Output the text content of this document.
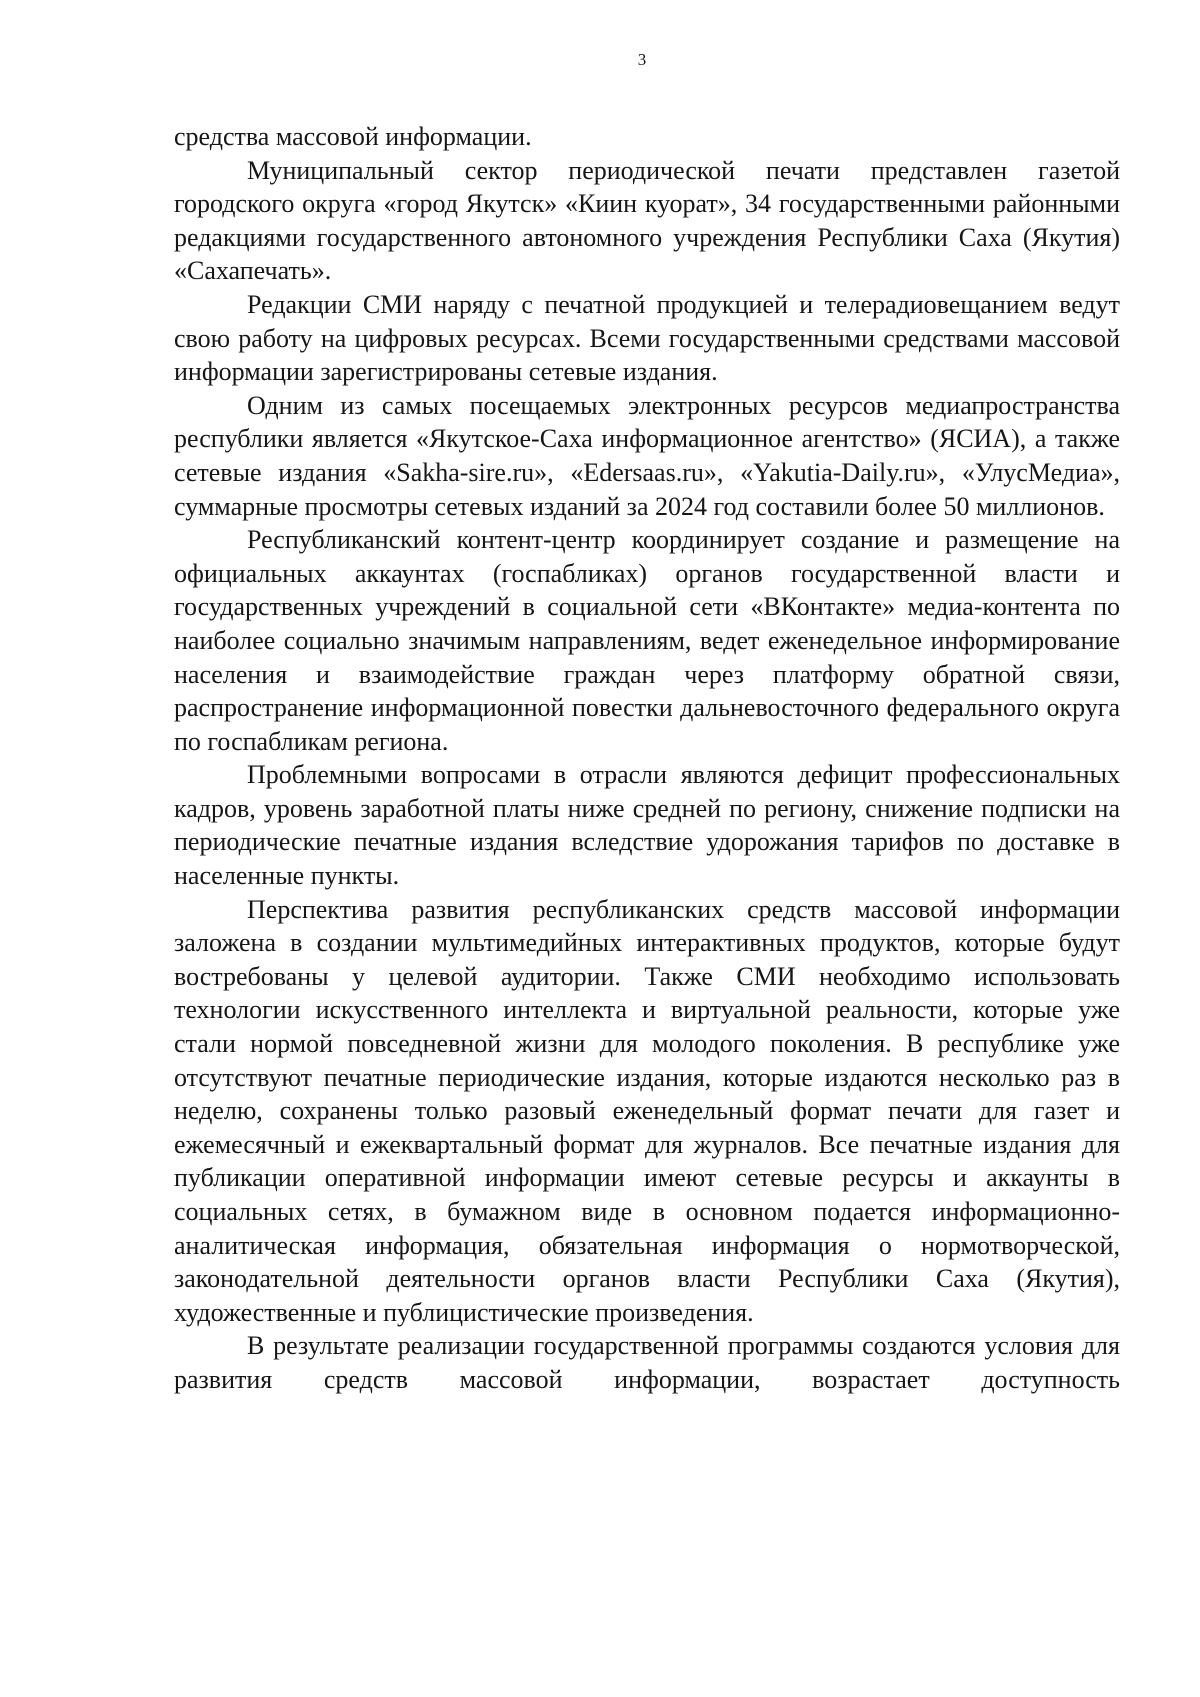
3

средства массовой информации.

Муниципальный сектор периодической печати представлен газетой городского округа «город Якутск» «Киин куорат», 34 государственными районными редакциями государственного автономного учреждения Республики Саха (Якутия) «Сахапечать».

Редакции СМИ наряду с печатной продукцией и телерадиовещанием ведут свою работу на цифровых ресурсах. Всеми государственными средствами массовой информации зарегистрированы сетевые издания.

Одним из самых посещаемых электронных ресурсов медиапространства республики является «Якутское-Саха информационное агентство» (ЯСИА), а также сетевые издания «Sakha-sire.ru», «Edersaas.ru», «Yakutia-Daily.ru», «УлусМедиа», суммарные просмотры сетевых изданий за 2024 год составили более 50 миллионов.

Республиканский контент-центр координирует создание и размещение на официальных аккаунтах (госпабликах) органов государственной власти и государственных учреждений в социальной сети «ВКонтакте» медиа-контента по наиболее социально значимым направлениям, ведет еженедельное информирование населения и взаимодействие граждан через платформу обратной связи, распространение информационной повестки дальневосточного федерального округа по госпабликам региона.

Проблемными вопросами в отрасли являются дефицит профессиональных кадров, уровень заработной платы ниже средней по региону, снижение подписки на периодические печатные издания вследствие удорожания тарифов по доставке в населенные пункты.

Перспектива развития республиканских средств массовой информации заложена в создании мультимедийных интерактивных продуктов, которые будут востребованы у целевой аудитории. Также СМИ необходимо использовать технологии искусственного интеллекта и виртуальной реальности, которые уже стали нормой повседневной жизни для молодого поколения. В республике уже отсутствуют печатные периодические издания, которые издаются несколько раз в неделю, сохранены только разовый еженедельный формат печати для газет и ежемесячный и ежеквартальный формат для журналов. Все печатные издания для публикации оперативной информации имеют сетевые ресурсы и аккаунты в социальных сетях, в бумажном виде в основном подается информационно-аналитическая информация, обязательная информация о нормотворческой, законодательной деятельности органов власти Республики Саха (Якутия), художественные и публицистические произведения.

В результате реализации государственной программы создаются условия для развития средств массовой информации, возрастает доступность
